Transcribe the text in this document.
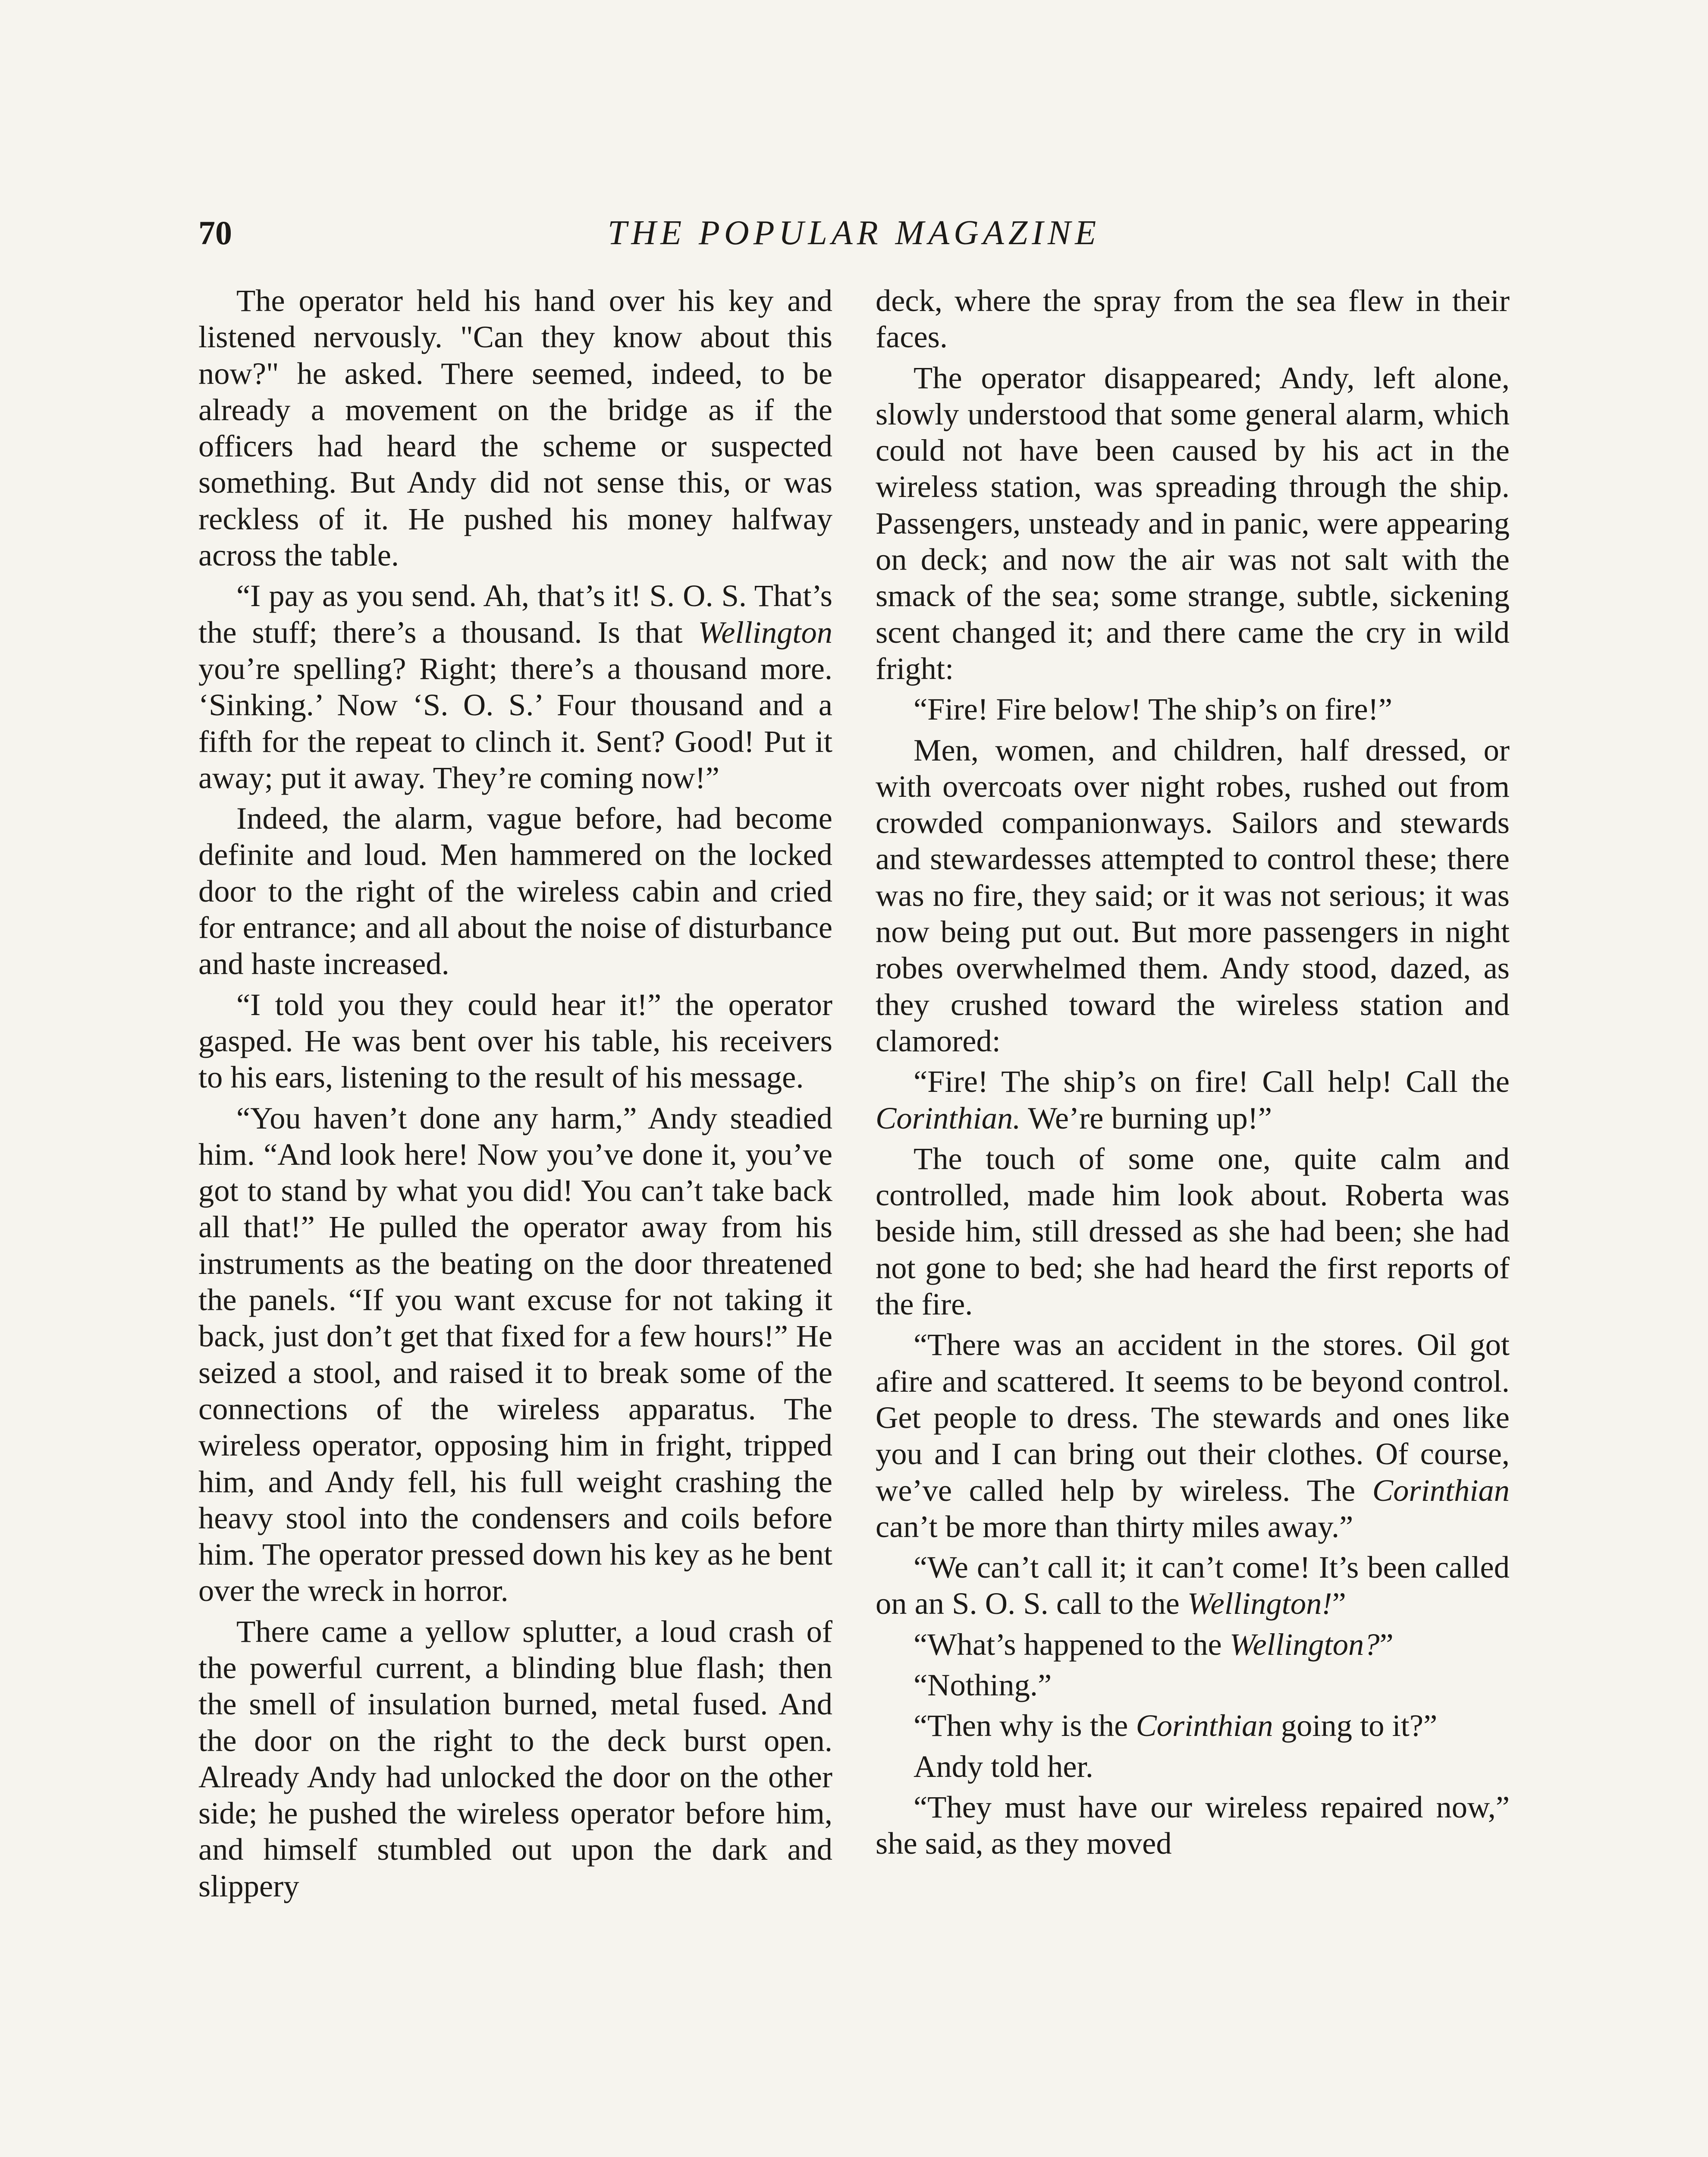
70	THE POPULAR MAGAZINE

The operator held his hand over his key and listened nervously. "Can they know about this now?" he asked. There seemed, indeed, to be already a movement on the bridge as if the officers had heard the scheme or suspected something. But Andy did not sense this, or was reckless of it. He pushed his money halfway across the table.

“I pay as you send. Ah, that’s it! S. O. S. That’s the stuff; there’s a thousand. Is that Wellington you’re spelling? Right; there’s a thousand more. ‘Sinking.’ Now ‘S. O. S.’ Four thousand and a fifth for the repeat to clinch it. Sent? Good! Put it away; put it away. They’re coming now!”

Indeed, the alarm, vague before, had become definite and loud. Men hammered on the locked door to the right of the wireless cabin and cried for entrance; and all about the noise of disturbance and haste increased.

“I told you they could hear it!” the operator gasped. He was bent over his table, his receivers to his ears, listening to the result of his message.

“You haven’t done any harm,” Andy steadied him. “And look here! Now you’ve done it, you’ve got to stand by what you did! You can’t take back all that!” He pulled the operator away from his instruments as the beating on the door threatened the panels. “If you want excuse for not taking it back, just don’t get that fixed for a few hours!” He seized a stool, and raised it to break some of the connections of the wireless apparatus. The wireless operator, opposing him in fright, tripped him, and Andy fell, his full weight crashing the heavy stool into the condensers and coils before him. The operator pressed down his key as he bent over the wreck in horror.

There came a yellow splutter, a loud crash of the powerful current, a blinding blue flash; then the smell of insulation burned, metal fused. And the door on the right to the deck burst open. Already Andy had unlocked the door on the other side; he pushed the wireless operator before him, and himself stumbled out upon the dark and slippery

deck, where the spray from the sea flew in their faces.

The operator disappeared; Andy, left alone, slowly understood that some general alarm, which could not have been caused by his act in the wireless station, was spreading through the ship. Passengers, unsteady and in panic, were appearing on deck; and now the air was not salt with the smack of the sea; some strange, subtle, sickening scent changed it; and there came the cry in wild fright:

“Fire! Fire below! The ship’s on fire!”

Men, women, and children, half dressed, or with overcoats over night robes, rushed out from crowded companionways. Sailors and stewards and stewardesses attempted to control these; there was no fire, they said; or it was not serious; it was now being put out. But more passengers in night robes overwhelmed them. Andy stood, dazed, as they crushed toward the wireless station and clamored:

“Fire! The ship’s on fire! Call help! Call the Corinthian. We’re burning up!”

The touch of some one, quite calm and controlled, made him look about. Roberta was beside him, still dressed as she had been; she had not gone to bed; she had heard the first reports of the fire.

“There was an accident in the stores. Oil got afire and scattered. It seems to be beyond control. Get people to dress. The stewards and ones like you and I can bring out their clothes. Of course, we’ve called help by wireless. The Corinthian can’t be more than thirty miles away.”

“We can’t call it; it can’t come! It’s been called on an S. O. S. call to the Wellington!”

“What’s happened to the Wellington?”

“Nothing.”

“Then why is the Corinthian going to it?”

Andy told her.

“They must have our wireless repaired now,” she said, as they moved
